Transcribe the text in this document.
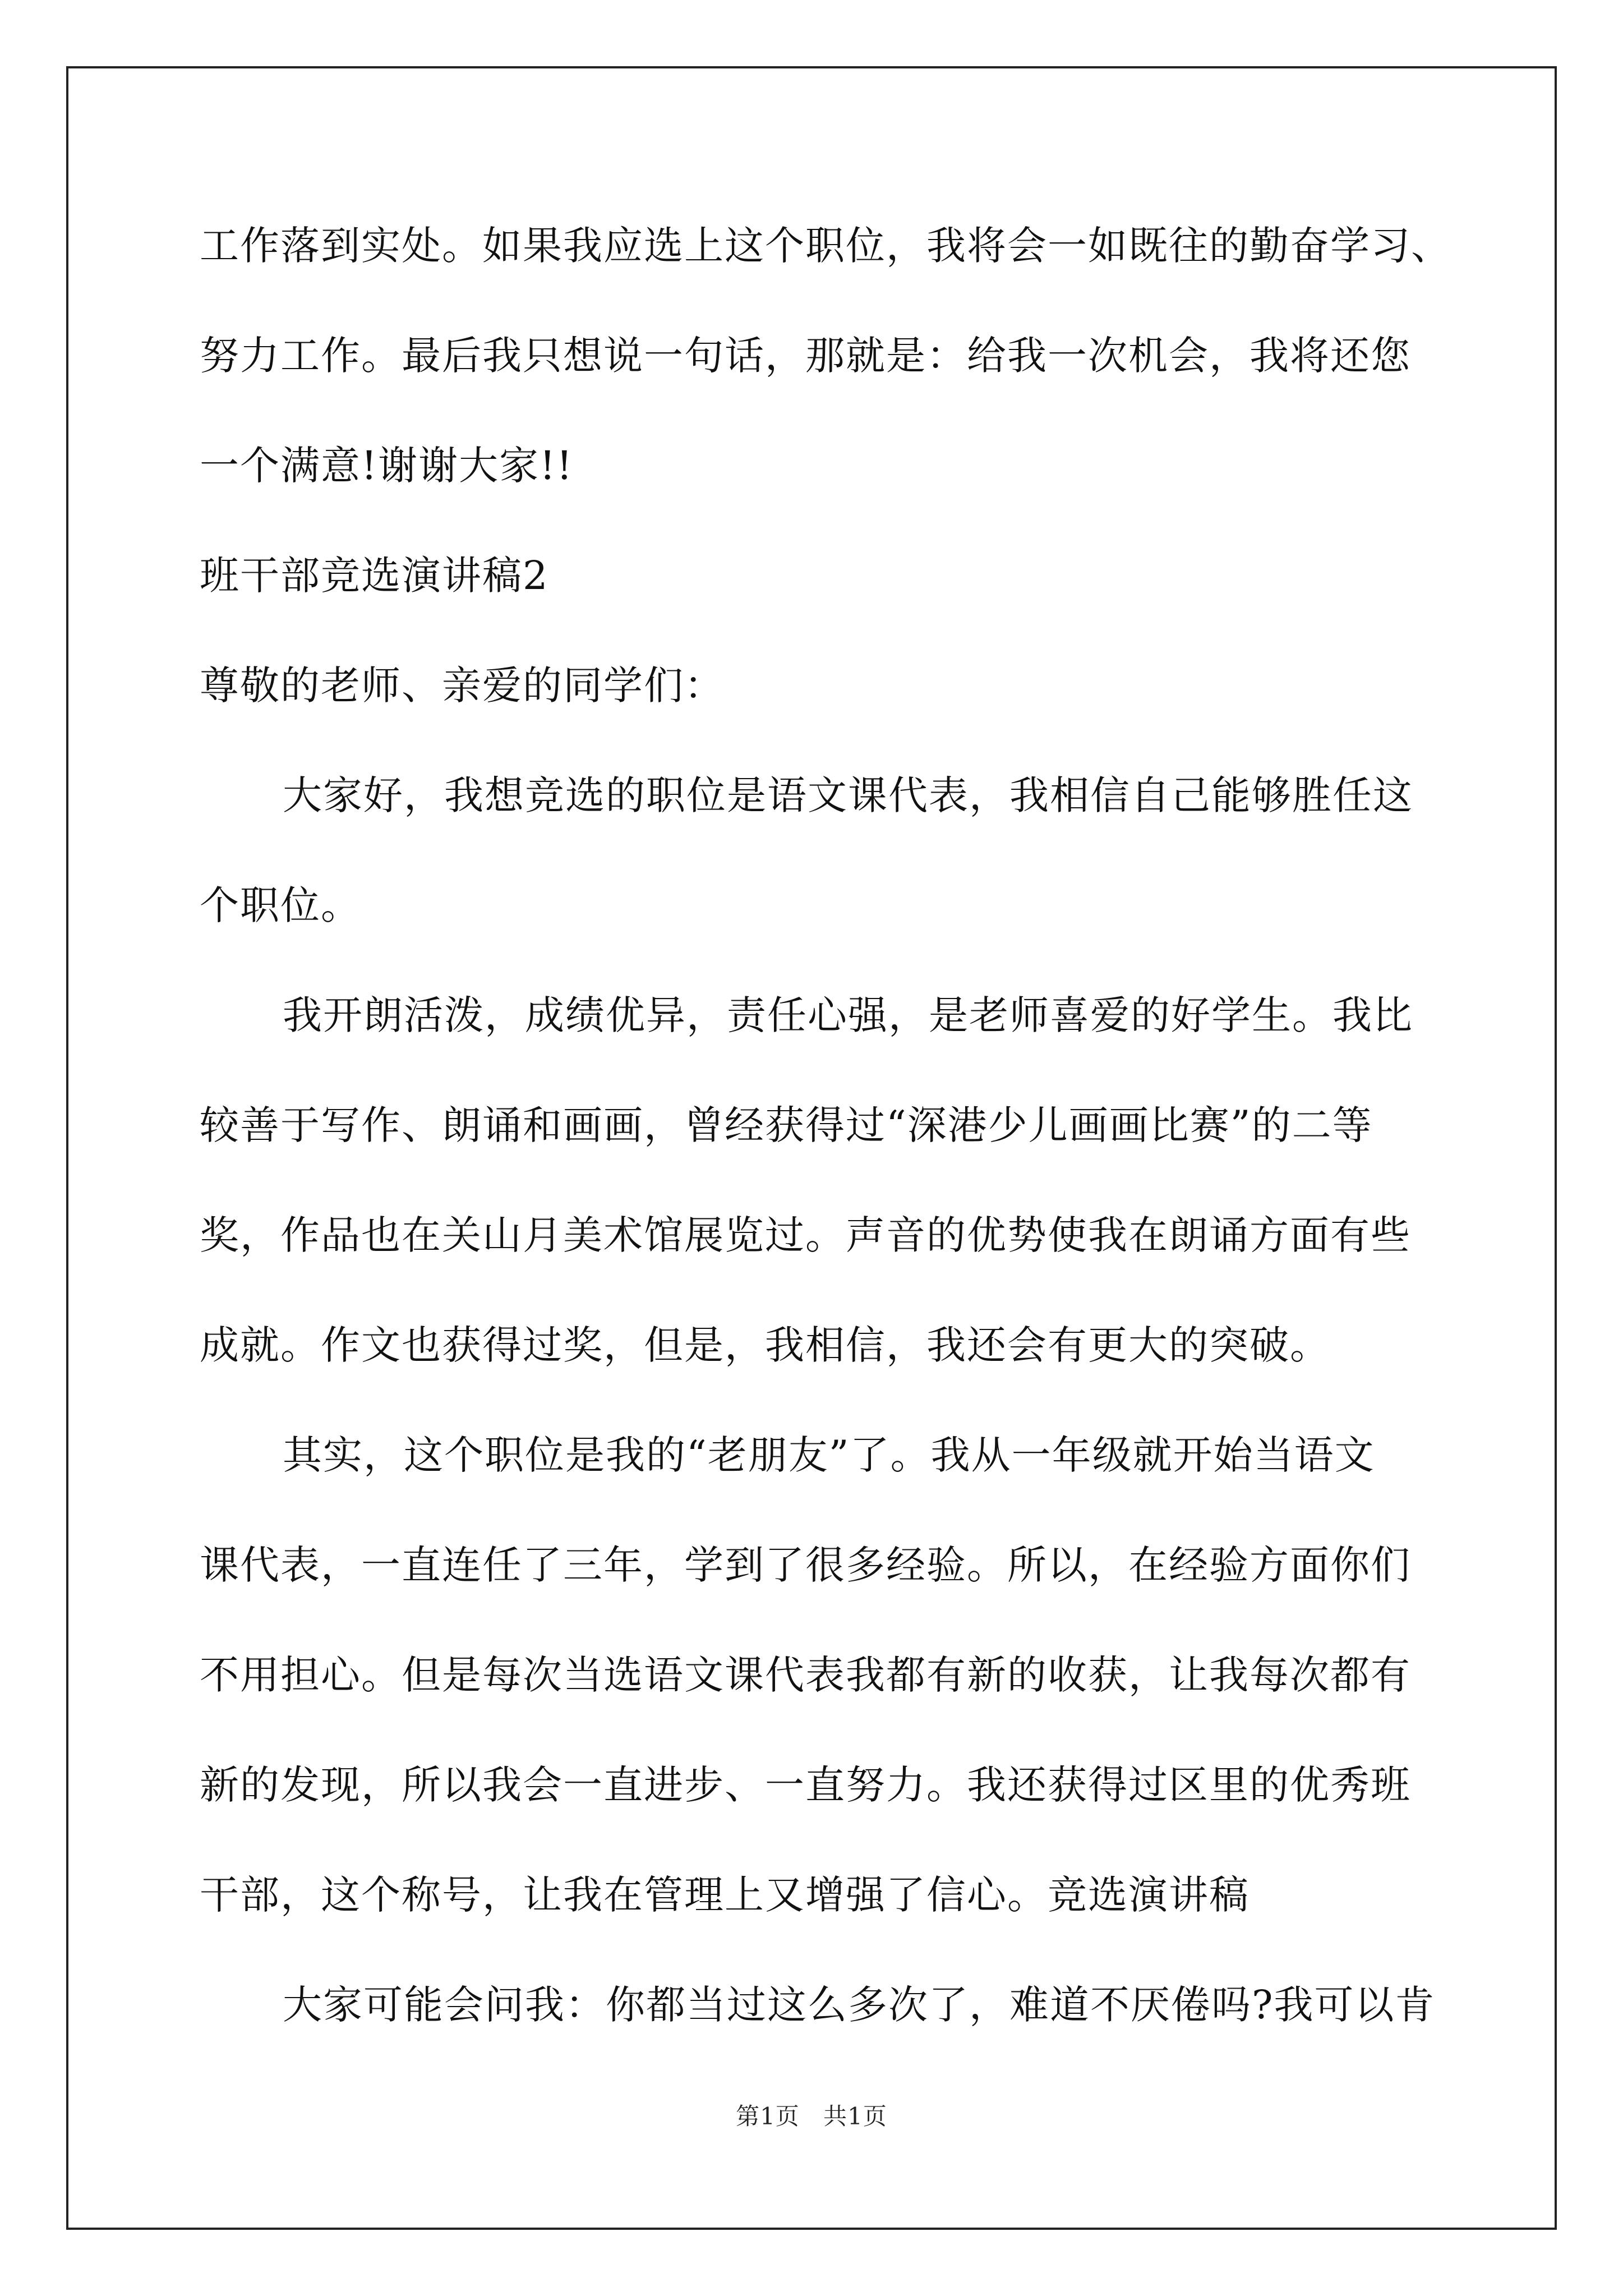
工作落到实处。如果我应选上这个职位，我将会一如既往的勤奋学习、
努力工作。最后我只想说一句话，那就是：给我一次机会，我将还您
一个满意!谢谢大家!!
班干部竞选演讲稿2
尊敬的老师、亲爱的同学们：
大家好，我想竞选的职位是语文课代表，我相信自己能够胜任这
个职位。
我开朗活泼，成绩优异，责任心强，是老师喜爱的好学生。我比
较善于写作、朗诵和画画，曾经获得过“深港少儿画画比赛”的二等
奖，作品也在关山月美术馆展览过。声音的优势使我在朗诵方面有些
成就。作文也获得过奖，但是，我相信，我还会有更大的突破。
其实，这个职位是我的“老朋友”了。我从一年级就开始当语文
课代表，一直连任了三年，学到了很多经验。所以，在经验方面你们
不用担心。但是每次当选语文课代表我都有新的收获，让我每次都有
新的发现，所以我会一直进步、一直努力。我还获得过区里的优秀班
干部，这个称号，让我在管理上又增强了信心。竞选演讲稿
大家可能会问我：你都当过这么多次了，难道不厌倦吗?我可以肯
第1页 共1页
